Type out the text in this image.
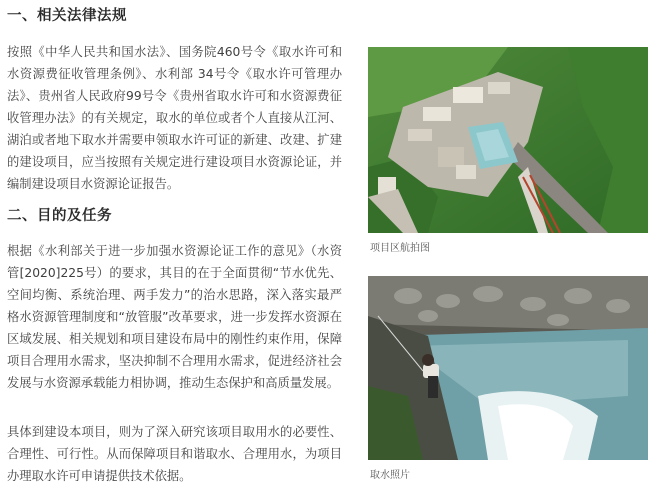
一、相关法律法规
按照《中华人民共和国水法》、国务院460号令《取水许可和水资源费征收管理条例》、水利部 34号令《取水许可管理办法》、贵州省人民政府99号令《贵州省取水许可和水资源费征收管理办法》的有关规定，取水的单位或者个人直接从江河、湖泊或者地下取水并需要申领取水许可证的新建、改建、扩建的建设项目，应当按照有关规定进行建设项目水资源论证，并编制建设项目水资源论证报告。
二、目的及任务
根据《水利部关于进一步加强水资源论证工作的意见》（水资管[2020]225号）的要求，其目的在于全面贯彻“节水优先、空间均衡、系统治理、两手发力”的治水思路，深入落实最严格水资源管理制度和“放管服”改革要求，进一步发挥水资源在区域发展、相关规划和项目建设布局中的刚性约束作用，保障项目合理用水需求，坚决抑制不合理用水需求，促进经济社会发展与水资源承载能力相协调，推动生态保护和高质量发展。
具体到建设本项目，则为了深入研究该项目取用水的必要性、合理性、可行性。从而保障项目和谐取水、合理用水，为项目办理取水许可申请提供技术依据。
项目区航拍图
取水照片
